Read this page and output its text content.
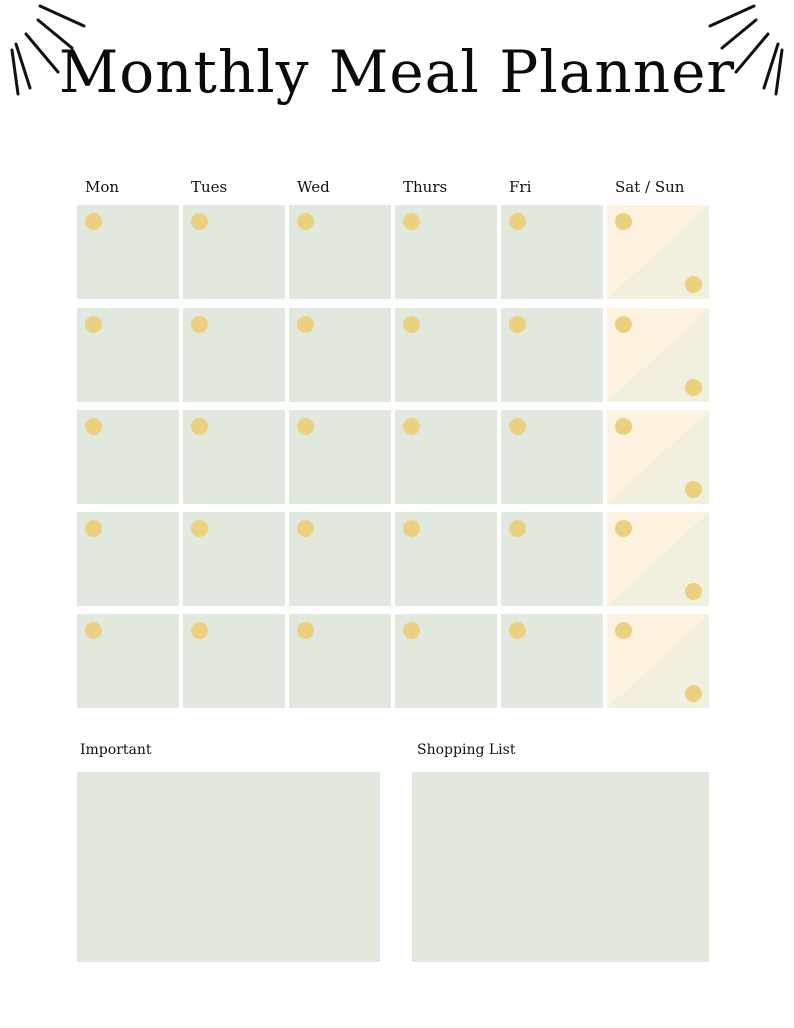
Monthly Meal Planner
Mon	Tues	Wed	Thurs	Fri	Sat / Sun
Important	Shopping List
